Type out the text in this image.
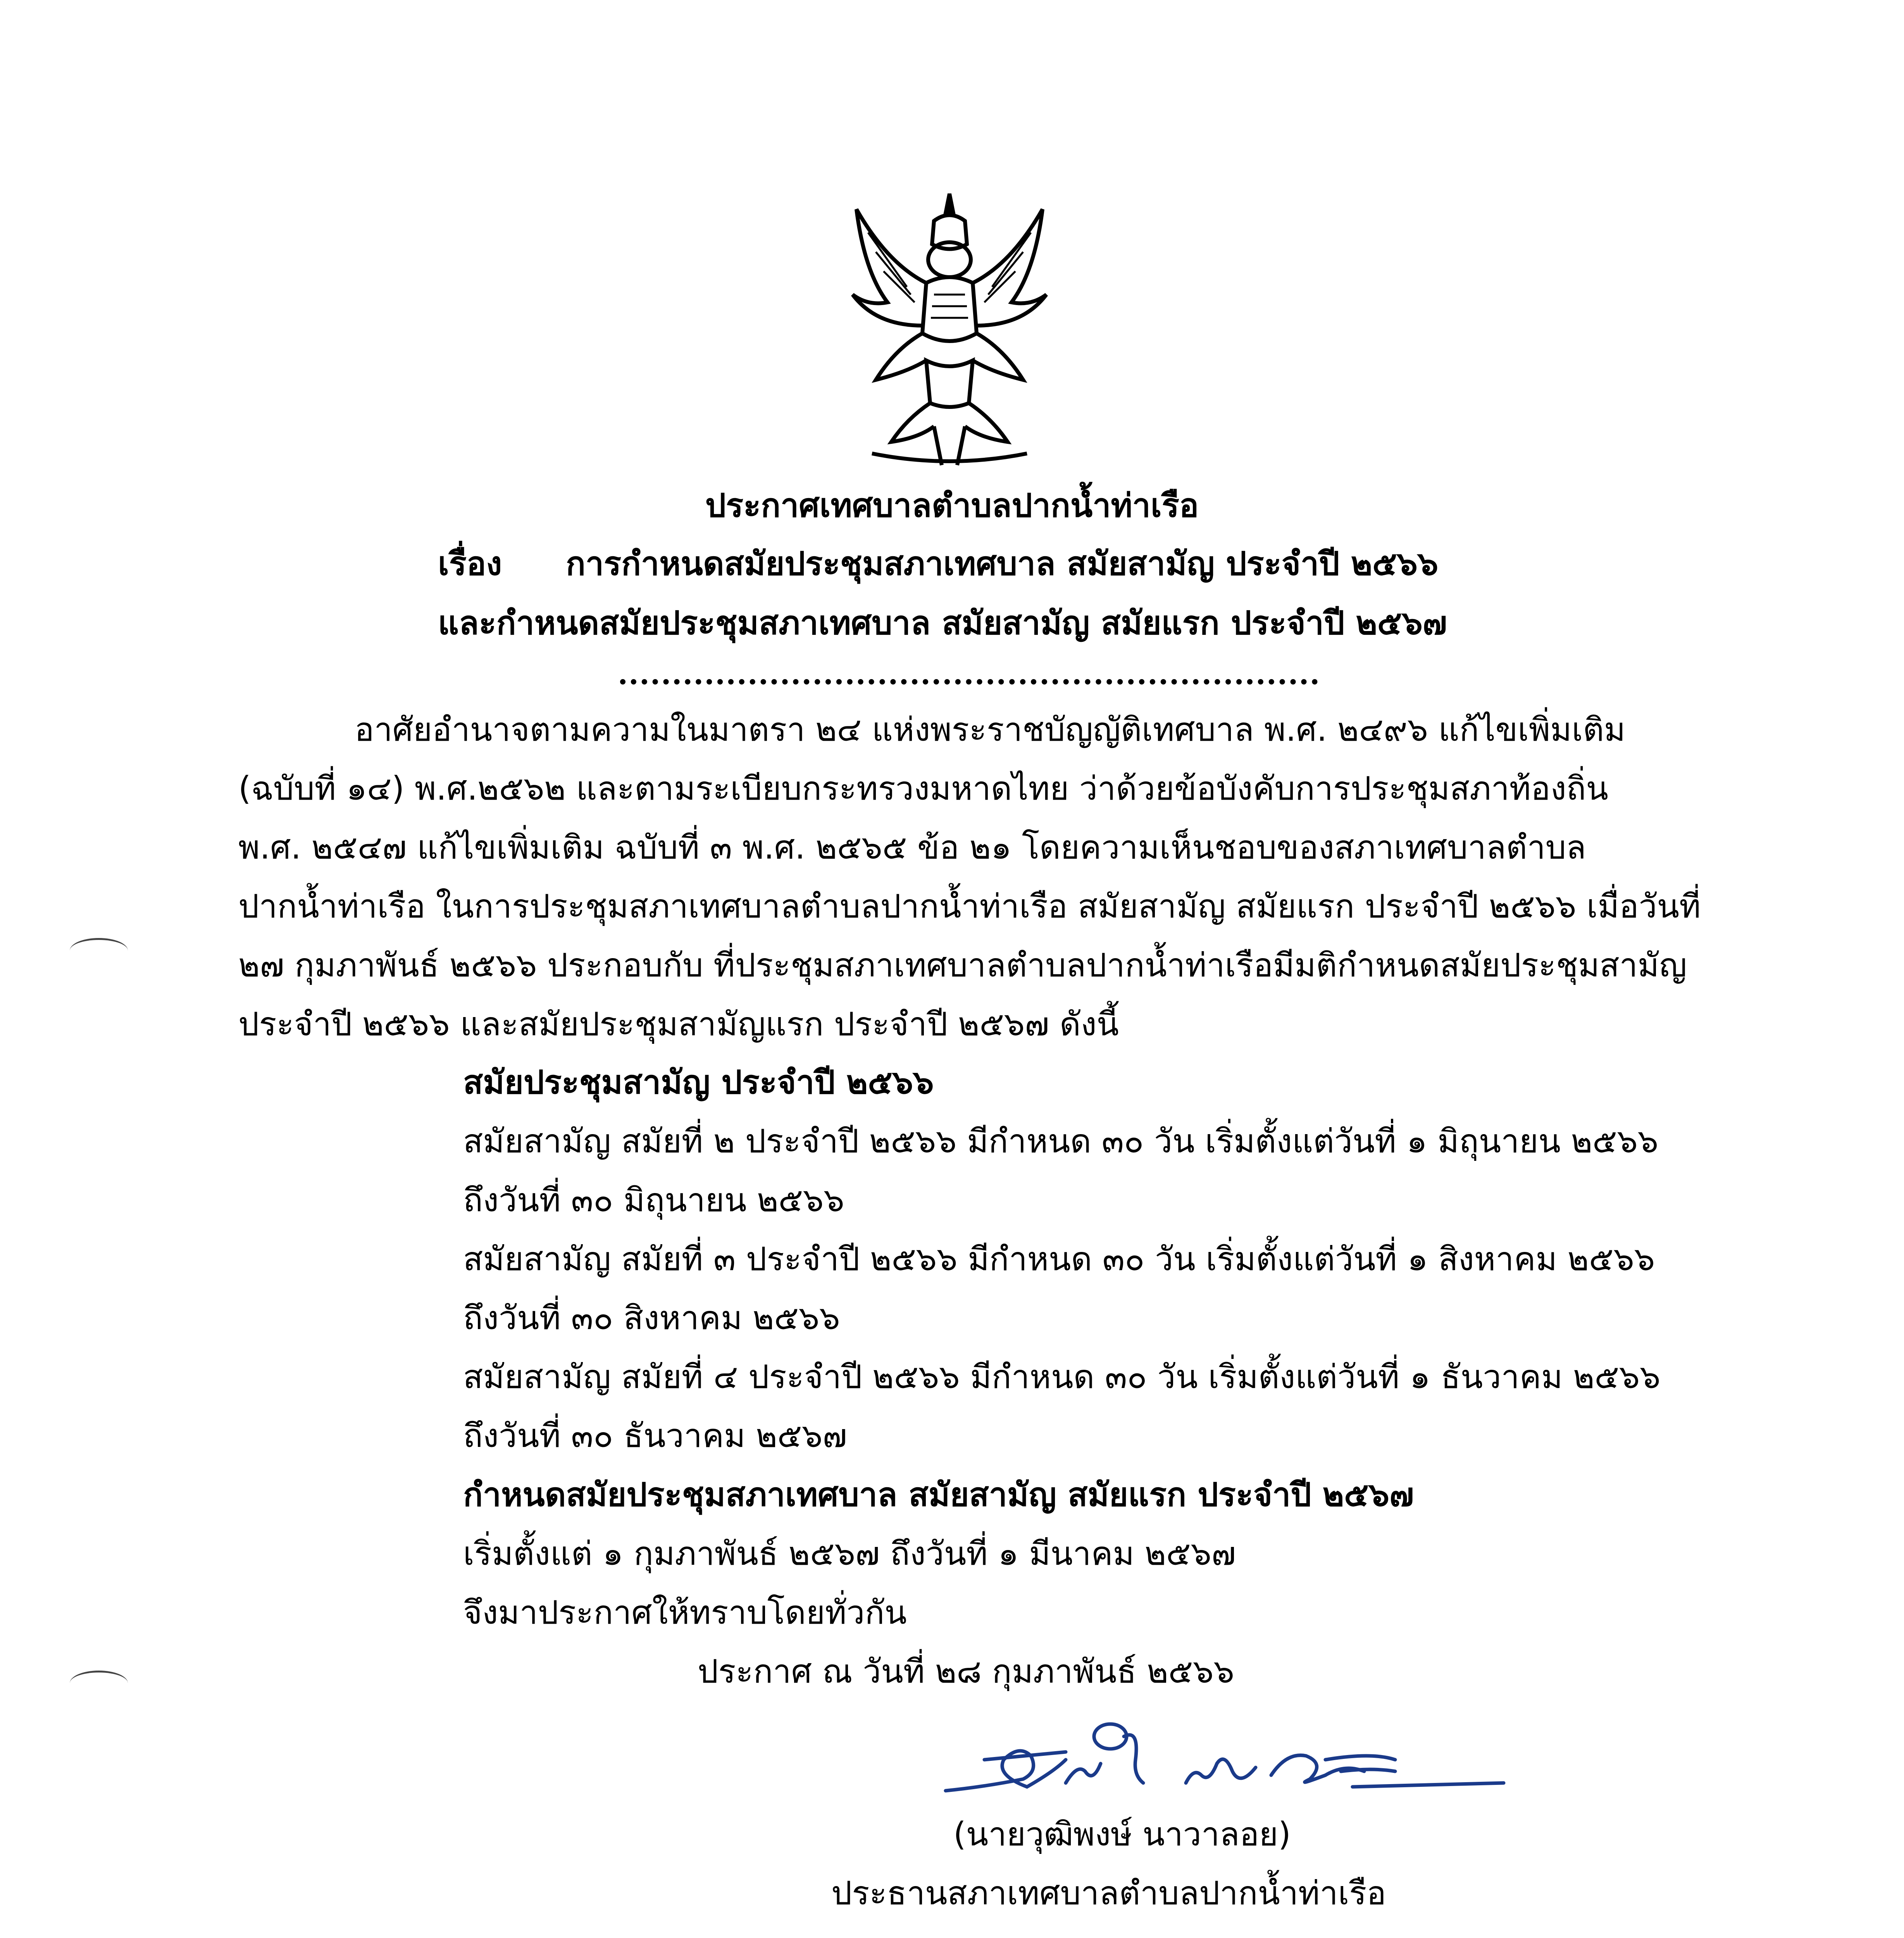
ประกาศเทศบาลตำบลปากน้ำท่าเรือ
เรื่อง การกำหนดสมัยประชุมสภาเทศบาล สมัยสามัญ ประจำปี ๒๕๖๖
และกำหนดสมัยประชุมสภาเทศบาล สมัยสามัญ สมัยแรก ประจำปี ๒๕๖๗
อาศัยอำนาจตามความในมาตรา ๒๔ แห่งพระราชบัญญัติเทศบาล พ.ศ. ๒๔๙๖ แก้ไขเพิ่มเติม
(ฉบับที่ ๑๔) พ.ศ.๒๕๖๒ และตามระเบียบกระทรวงมหาดไทย ว่าด้วยข้อบังคับการประชุมสภาท้องถิ่น
พ.ศ. ๒๕๔๗ แก้ไขเพิ่มเติม ฉบับที่ ๓ พ.ศ. ๒๕๖๕ ข้อ ๒๑ โดยความเห็นชอบของสภาเทศบาลตำบล
ปากน้ำท่าเรือ ในการประชุมสภาเทศบาลตำบลปากน้ำท่าเรือ สมัยสามัญ สมัยแรก ประจำปี ๒๕๖๖ เมื่อวันที่
๒๗ กุมภาพันธ์ ๒๕๖๖ ประกอบกับ ที่ประชุมสภาเทศบาลตำบลปากน้ำท่าเรือมีมติกำหนดสมัยประชุมสามัญ
ประจำปี ๒๕๖๖ และสมัยประชุมสามัญแรก ประจำปี ๒๕๖๗ ดังนี้
สมัยประชุมสามัญ ประจำปี ๒๕๖๖
สมัยสามัญ สมัยที่ ๒ ประจำปี ๒๕๖๖ มีกำหนด ๓๐ วัน เริ่มตั้งแต่วันที่ ๑ มิถุนายน ๒๕๖๖
ถึงวันที่ ๓๐ มิถุนายน ๒๕๖๖
สมัยสามัญ สมัยที่ ๓ ประจำปี ๒๕๖๖ มีกำหนด ๓๐ วัน เริ่มตั้งแต่วันที่ ๑ สิงหาคม ๒๕๖๖
ถึงวันที่ ๓๐ สิงหาคม ๒๕๖๖
สมัยสามัญ สมัยที่ ๔ ประจำปี ๒๕๖๖ มีกำหนด ๓๐ วัน เริ่มตั้งแต่วันที่ ๑ ธันวาคม ๒๕๖๖
ถึงวันที่ ๓๐ ธันวาคม ๒๕๖๗
กำหนดสมัยประชุมสภาเทศบาล สมัยสามัญ สมัยแรก ประจำปี ๒๕๖๗
เริ่มตั้งแต่ ๑ กุมภาพันธ์ ๒๕๖๗ ถึงวันที่ ๑ มีนาคม ๒๕๖๗
จึงมาประกาศให้ทราบโดยทั่วกัน
ประกาศ ณ วันที่ ๒๘ กุมภาพันธ์ ๒๕๖๖
(นายวุฒิพงษ์ นาวาลอย)
ประธานสภาเทศบาลตำบลปากน้ำท่าเรือ
